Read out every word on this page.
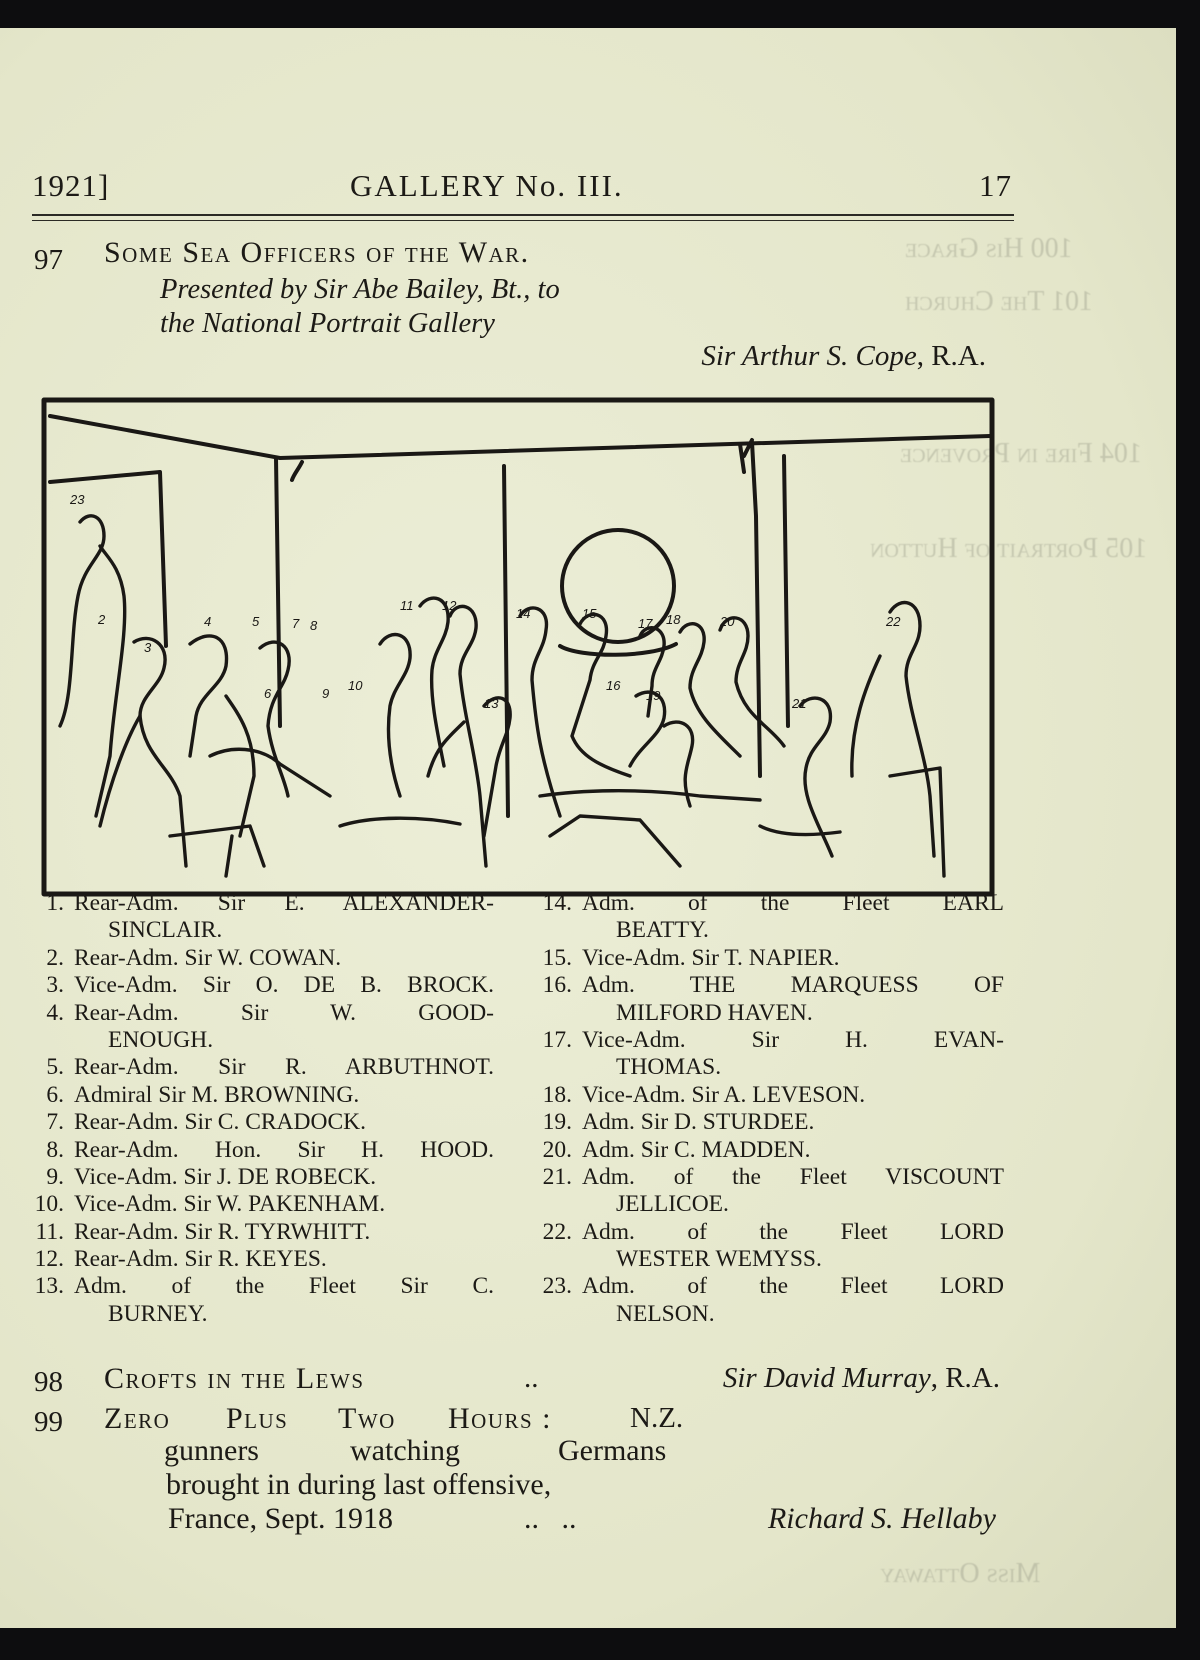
100 His Grace
101 The Church
104 Fire in Provence
105 Portrait of Hutton
Miss Ottaway
1921]	GALLERY No. III.	17
97 Some Sea Officers of the War.
Presented by Sir Abe Bailey, Bt., to
the National Portrait Gallery
Sir Arthur S. Cope, R.A.
23
2
3
4	5
6
7 8
9
10
11 12
13
14	15
16
17 18
19
20
21
22
1. Rear-Adm. Sir E. ALEXANDER-
SINCLAIR.
2. Rear-Adm. Sir W. COWAN.
3. Vice-Adm. Sir O. DE B. BROCK.
4. Rear-Adm. Sir W. GOOD-
ENOUGH.
5. Rear-Adm. Sir R. ARBUTHNOT.
6. Admiral Sir M. BROWNING.
7. Rear-Adm. Sir C. CRADOCK.
8. Rear-Adm. Hon. Sir H. HOOD.
9. Vice-Adm. Sir J. DE ROBECK.
10. Vice-Adm. Sir W. PAKENHAM.
11. Rear-Adm. Sir R. TYRWHITT.
12. Rear-Adm. Sir R. KEYES.
13. Adm. of the Fleet Sir C.
BURNEY.
14. Adm. of the Fleet EARL
BEATTY.
15. Vice-Adm. Sir T. NAPIER.
16. Adm. THE MARQUESS OF
MILFORD HAVEN.
17. Vice-Adm. Sir H. EVAN-
THOMAS.
18. Vice-Adm. Sir A. LEVESON.
19. Adm. Sir D. STURDEE.
20. Adm. Sir C. MADDEN.
21. Adm. of the Fleet VISCOUNT
JELLICOE.
22. Adm. of the Fleet LORD
WESTER WEMYSS.
23. Adm. of the Fleet LORD
NELSON.
98 Crofts in the Lews	..	Sir David Murray, R.A.
99 Zero Plus Two Hours :	N.Z.
gunners	watching	Germans
brought in during last offensive,
France, Sept. 1918	..   ..	Richard S. Hellaby
